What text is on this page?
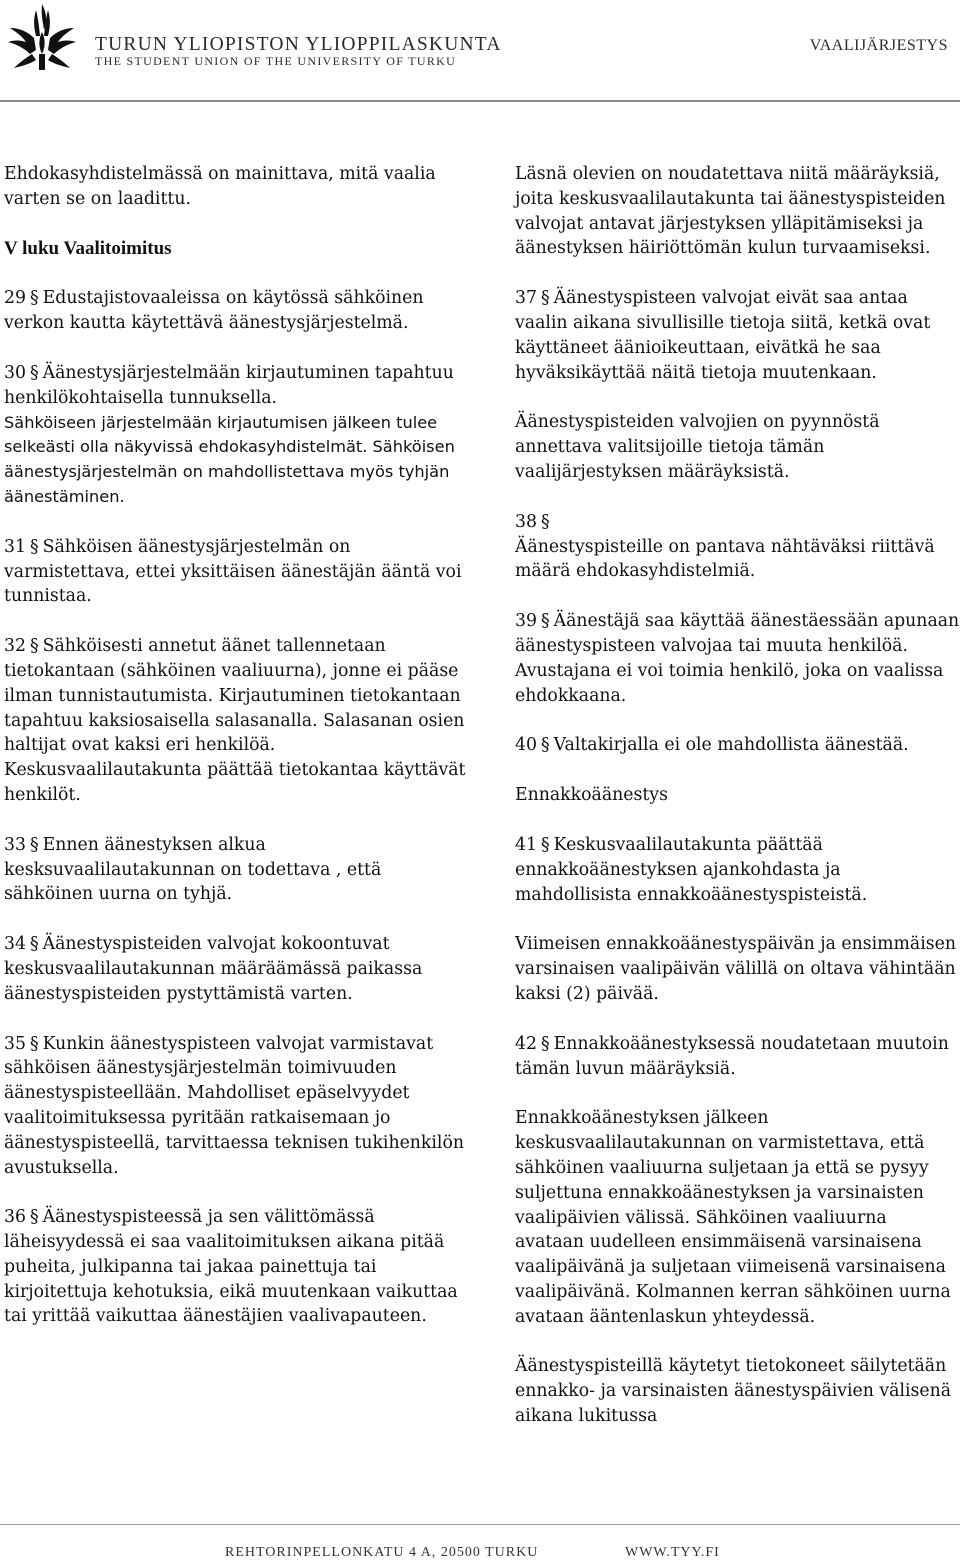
TURUN YLIOPISTON YLIOPPILASKUNTA
THE STUDENT UNION OF THE UNIVERSITY OF TURKU
VAALIJÄRJESTYS

Ehdokasyhdistelmässä on mainittava, mitä vaalia varten se on laadittu.

V luku Vaalitoimitus

29 § Edustajistovaaleissa on käytössä sähköinen verkon kautta käytettävä äänestysjärjestelmä.

30 § Äänestysjärjestelmään kirjautuminen tapahtuu henkilökohtaisella tunnuksella.

Sähköiseen järjestelmään kirjautumisen jälkeen tulee selkeästi olla näkyvissä ehdokasyhdistelmät. Sähköisen äänestysjärjestelmän on mahdollistettava myös tyhjän äänestäminen.

31 § Sähköisen äänestysjärjestelmän on varmistettava, ettei yksittäisen äänestäjän ääntä voi tunnistaa.

32 § Sähköisesti annetut äänet tallennetaan tietokantaan (sähköinen vaaliuurna), jonne ei pääse ilman tunnistautumista. Kirjautuminen tietokantaan tapahtuu kaksiosaisella salasanalla. Salasanan osien haltijat ovat kaksi eri henkilöä. Keskusvaalilautakunta päättää tietokantaa käyttävät henkilöt.

33 § Ennen äänestyksen alkua kesksuvaalilautakunnan on todettava , että sähköinen uurna on tyhjä.

34 § Äänestyspisteiden valvojat kokoontuvat keskusvaalilautakunnan määräämässä paikassa äänestyspisteiden pystyttämistä varten.

35 § Kunkin äänestyspisteen valvojat varmistavat sähköisen äänestysjärjestelmän toimivuuden äänestyspisteellään. Mahdolliset epäselvyydet vaalitoimituksessa pyritään ratkaisemaan jo äänestyspisteellä, tarvittaessa teknisen tukihenkilön avustuksella.

36 § Äänestyspisteessä ja sen välittömässä läheisyydessä ei saa vaalitoimituksen aikana pitää puheita, julkipanna tai jakaa painettuja tai kirjoitettuja kehotuksia, eikä muutenkaan vaikuttaa tai yrittää vaikuttaa äänestäjien vaalivapauteen.

Läsnä olevien on noudatettava niitä määräyksiä, joita keskusvaalilautakunta tai äänestyspisteiden valvojat antavat järjestyksen ylläpitämiseksi ja äänestyksen häiriöttömän kulun turvaamiseksi.

37 § Äänestyspisteen valvojat eivät saa antaa vaalin aikana sivullisille tietoja siitä, ketkä ovat käyttäneet äänioikeuttaan, eivätkä he saa hyväksikäyttää näitä tietoja muutenkaan.

Äänestyspisteiden valvojien on pyynnöstä annettava valitsijoille tietoja tämän vaalijärjestyksen määräyksistä.

38 §
Äänestyspisteille on pantava nähtäväksi riittävä määrä ehdokasyhdistelmiä.

39 § Äänestäjä saa käyttää äänestäessään apunaan äänestyspisteen valvojaa tai muuta henkilöä. Avustajana ei voi toimia henkilö, joka on vaalissa ehdokkaana.

40 § Valtakirjalla ei ole mahdollista äänestää.

Ennakkoäänestys

41 § Keskusvaalilautakunta päättää ennakkoäänestyksen ajankohdasta ja mahdollisista ennakkoäänestyspisteistä.

Viimeisen ennakkoäänestyspäivän ja ensimmäisen varsinaisen vaalipäivän välillä on oltava vähintään kaksi (2) päivää.

42 § Ennakkoäänestyksessä noudatetaan muutoin tämän luvun määräyksiä.

Ennakkoäänestyksen jälkeen keskusvaalilautakunnan on varmistettava, että sähköinen vaaliuurna suljetaan ja että se pysyy suljettuna ennakkoäänestyksen ja varsinaisten vaalipäivien välissä. Sähköinen vaaliuurna avataan uudelleen ensimmäisenä varsinaisena vaalipäivänä ja suljetaan viimeisenä varsinaisena vaalipäivänä. Kolmannen kerran sähköinen uurna avataan ääntenlaskun yhteydessä.

Äänestyspisteillä käytetyt tietokoneet säilytetään ennakko- ja varsinaisten äänestyspäivien välisenä aikana lukitussa

REHTORINPELLONKATU 4 A, 20500 TURKU	WWW.TYY.FI
